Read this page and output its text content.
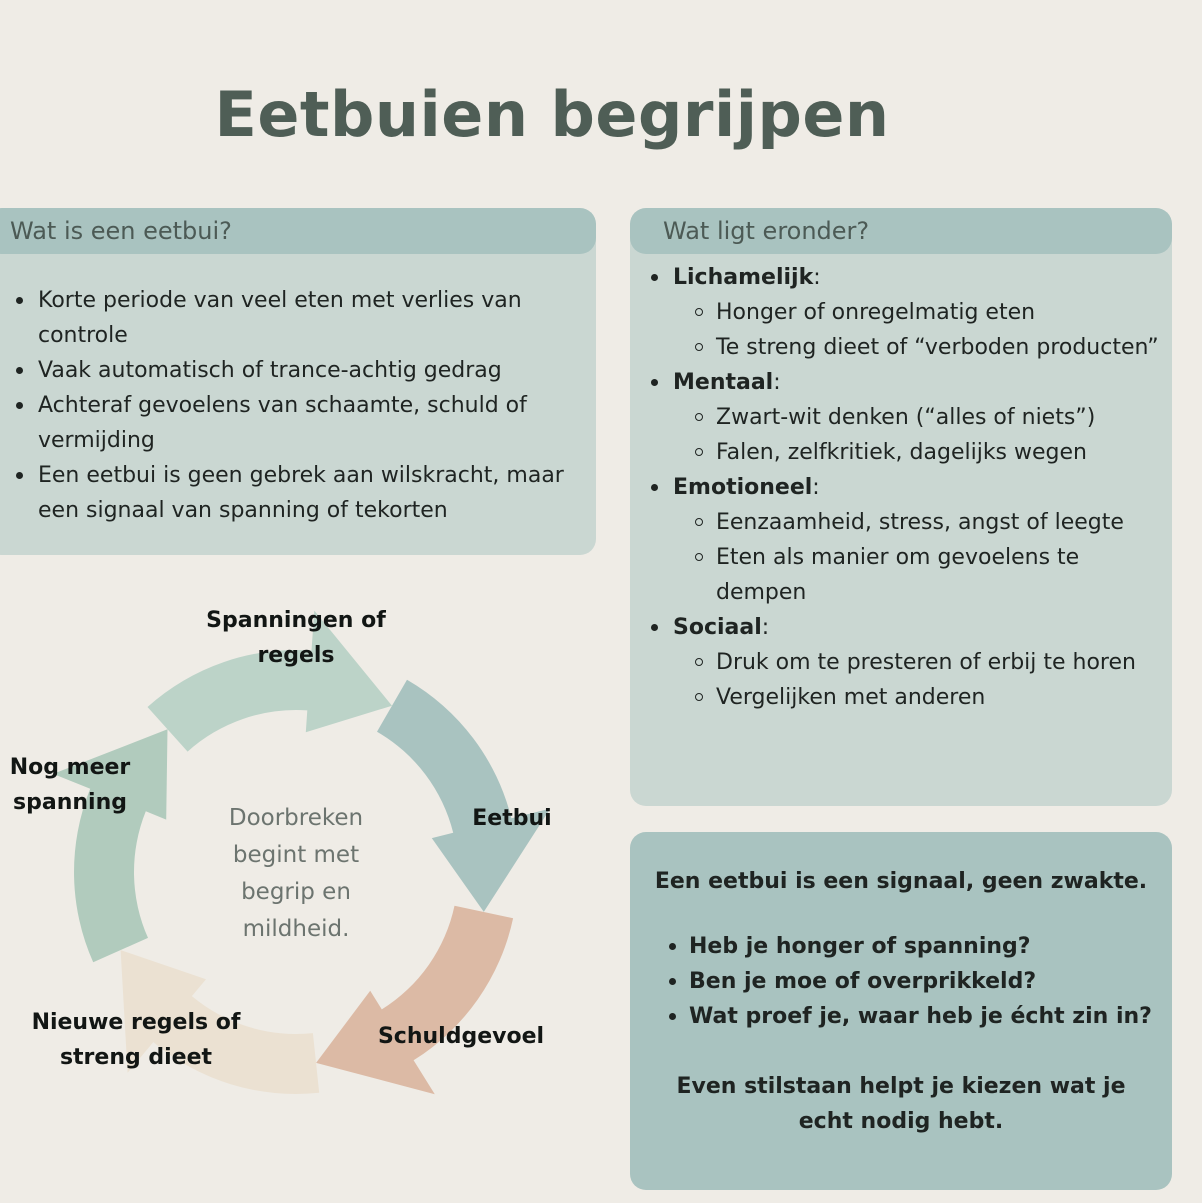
Eetbuien begrijpen
Wat is een eetbui?
Korte periode van veel eten met verlies van controle
Vaak automatisch of trance-achtig gedrag
Achteraf gevoelens van schaamte, schuld of vermijding
Een eetbui is geen gebrek aan wilskracht, maar een signaal van spanning of tekorten
Wat ligt eronder?
Lichamelijk:
Honger of onregelmatig eten
Te streng dieet of “verboden producten”
Mentaal:
Zwart-wit denken (“alles of niets”)
Falen, zelfkritiek, dagelijks wegen
Emotioneel:
Eenzaamheid, stress, angst of leegte
Eten als manier om gevoelens te dempen
Sociaal:
Druk om te presteren of erbij te horen
Vergelijken met anderen
Een eetbui is een signaal, geen zwakte.
Heb je honger of spanning?
Ben je moe of overprikkeld?
Wat proef je, waar heb je écht zin in?
Even stilstaan helpt je kiezen wat je echt nodig hebt.
Spanningen of regels
Eetbui
Schuldgevoel
Nieuwe regels of streng dieet
Nog meer spanning
Doorbreken begint met begrip en mildheid.
